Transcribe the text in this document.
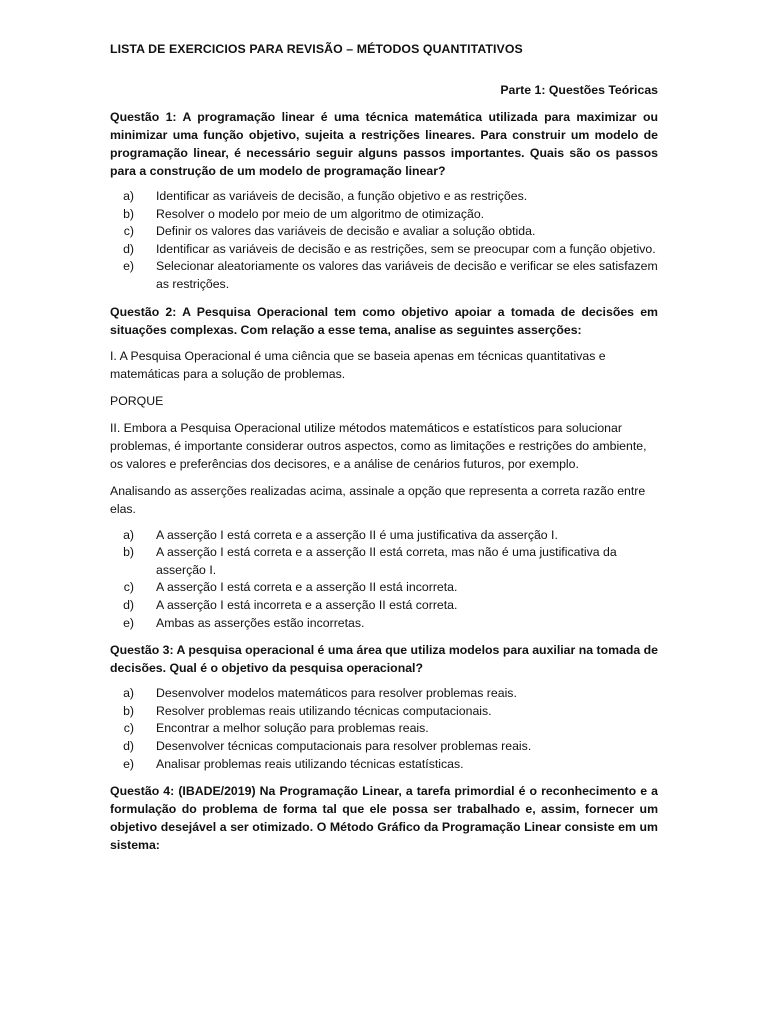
LISTA DE EXERCICIOS PARA REVISÃO – MÉTODOS QUANTITATIVOS
Parte 1: Questões Teóricas
Questão 1: A programação linear é uma técnica matemática utilizada para maximizar ou minimizar uma função objetivo, sujeita a restrições lineares. Para construir um modelo de programação linear, é necessário seguir alguns passos importantes. Quais são os passos para a construção de um modelo de programação linear?
a)	Identificar as variáveis de decisão, a função objetivo e as restrições.
b)	Resolver o modelo por meio de um algoritmo de otimização.
c)	Definir os valores das variáveis de decisão e avaliar a solução obtida.
d)	Identificar as variáveis de decisão e as restrições, sem se preocupar com a função objetivo.
e)	Selecionar aleatoriamente os valores das variáveis de decisão e verificar se eles satisfazem as restrições.
Questão 2: A Pesquisa Operacional tem como objetivo apoiar a tomada de decisões em situações complexas. Com relação a esse tema, analise as seguintes asserções:
I. A Pesquisa Operacional é uma ciência que se baseia apenas em técnicas quantitativas e matemáticas para a solução de problemas.
PORQUE
II. Embora a Pesquisa Operacional utilize métodos matemáticos e estatísticos para solucionar problemas, é importante considerar outros aspectos, como as limitações e restrições do ambiente, os valores e preferências dos decisores, e a análise de cenários futuros, por exemplo.
Analisando as asserções realizadas acima, assinale a opção que representa a correta razão entre elas.
a)	A asserção I está correta e a asserção II é uma justificativa da asserção I.
b)	A asserção I está correta e a asserção II está correta, mas não é uma justificativa da asserção I.
c)	A asserção I está correta e a asserção II está incorreta.
d)	A asserção I está incorreta e a asserção II está correta.
e)	Ambas as asserções estão incorretas.
Questão 3: A pesquisa operacional é uma área que utiliza modelos para auxiliar na tomada de decisões. Qual é o objetivo da pesquisa operacional?
a)	Desenvolver modelos matemáticos para resolver problemas reais.
b)	Resolver problemas reais utilizando técnicas computacionais.
c)	Encontrar a melhor solução para problemas reais.
d)	Desenvolver técnicas computacionais para resolver problemas reais.
e)	Analisar problemas reais utilizando técnicas estatísticas.
Questão 4: (IBADE/2019) Na Programação Linear, a tarefa primordial é o reconhecimento e a formulação do problema de forma tal que ele possa ser trabalhado e, assim, fornecer um objetivo desejável a ser otimizado. O Método Gráfico da Programação Linear consiste em um sistema:
